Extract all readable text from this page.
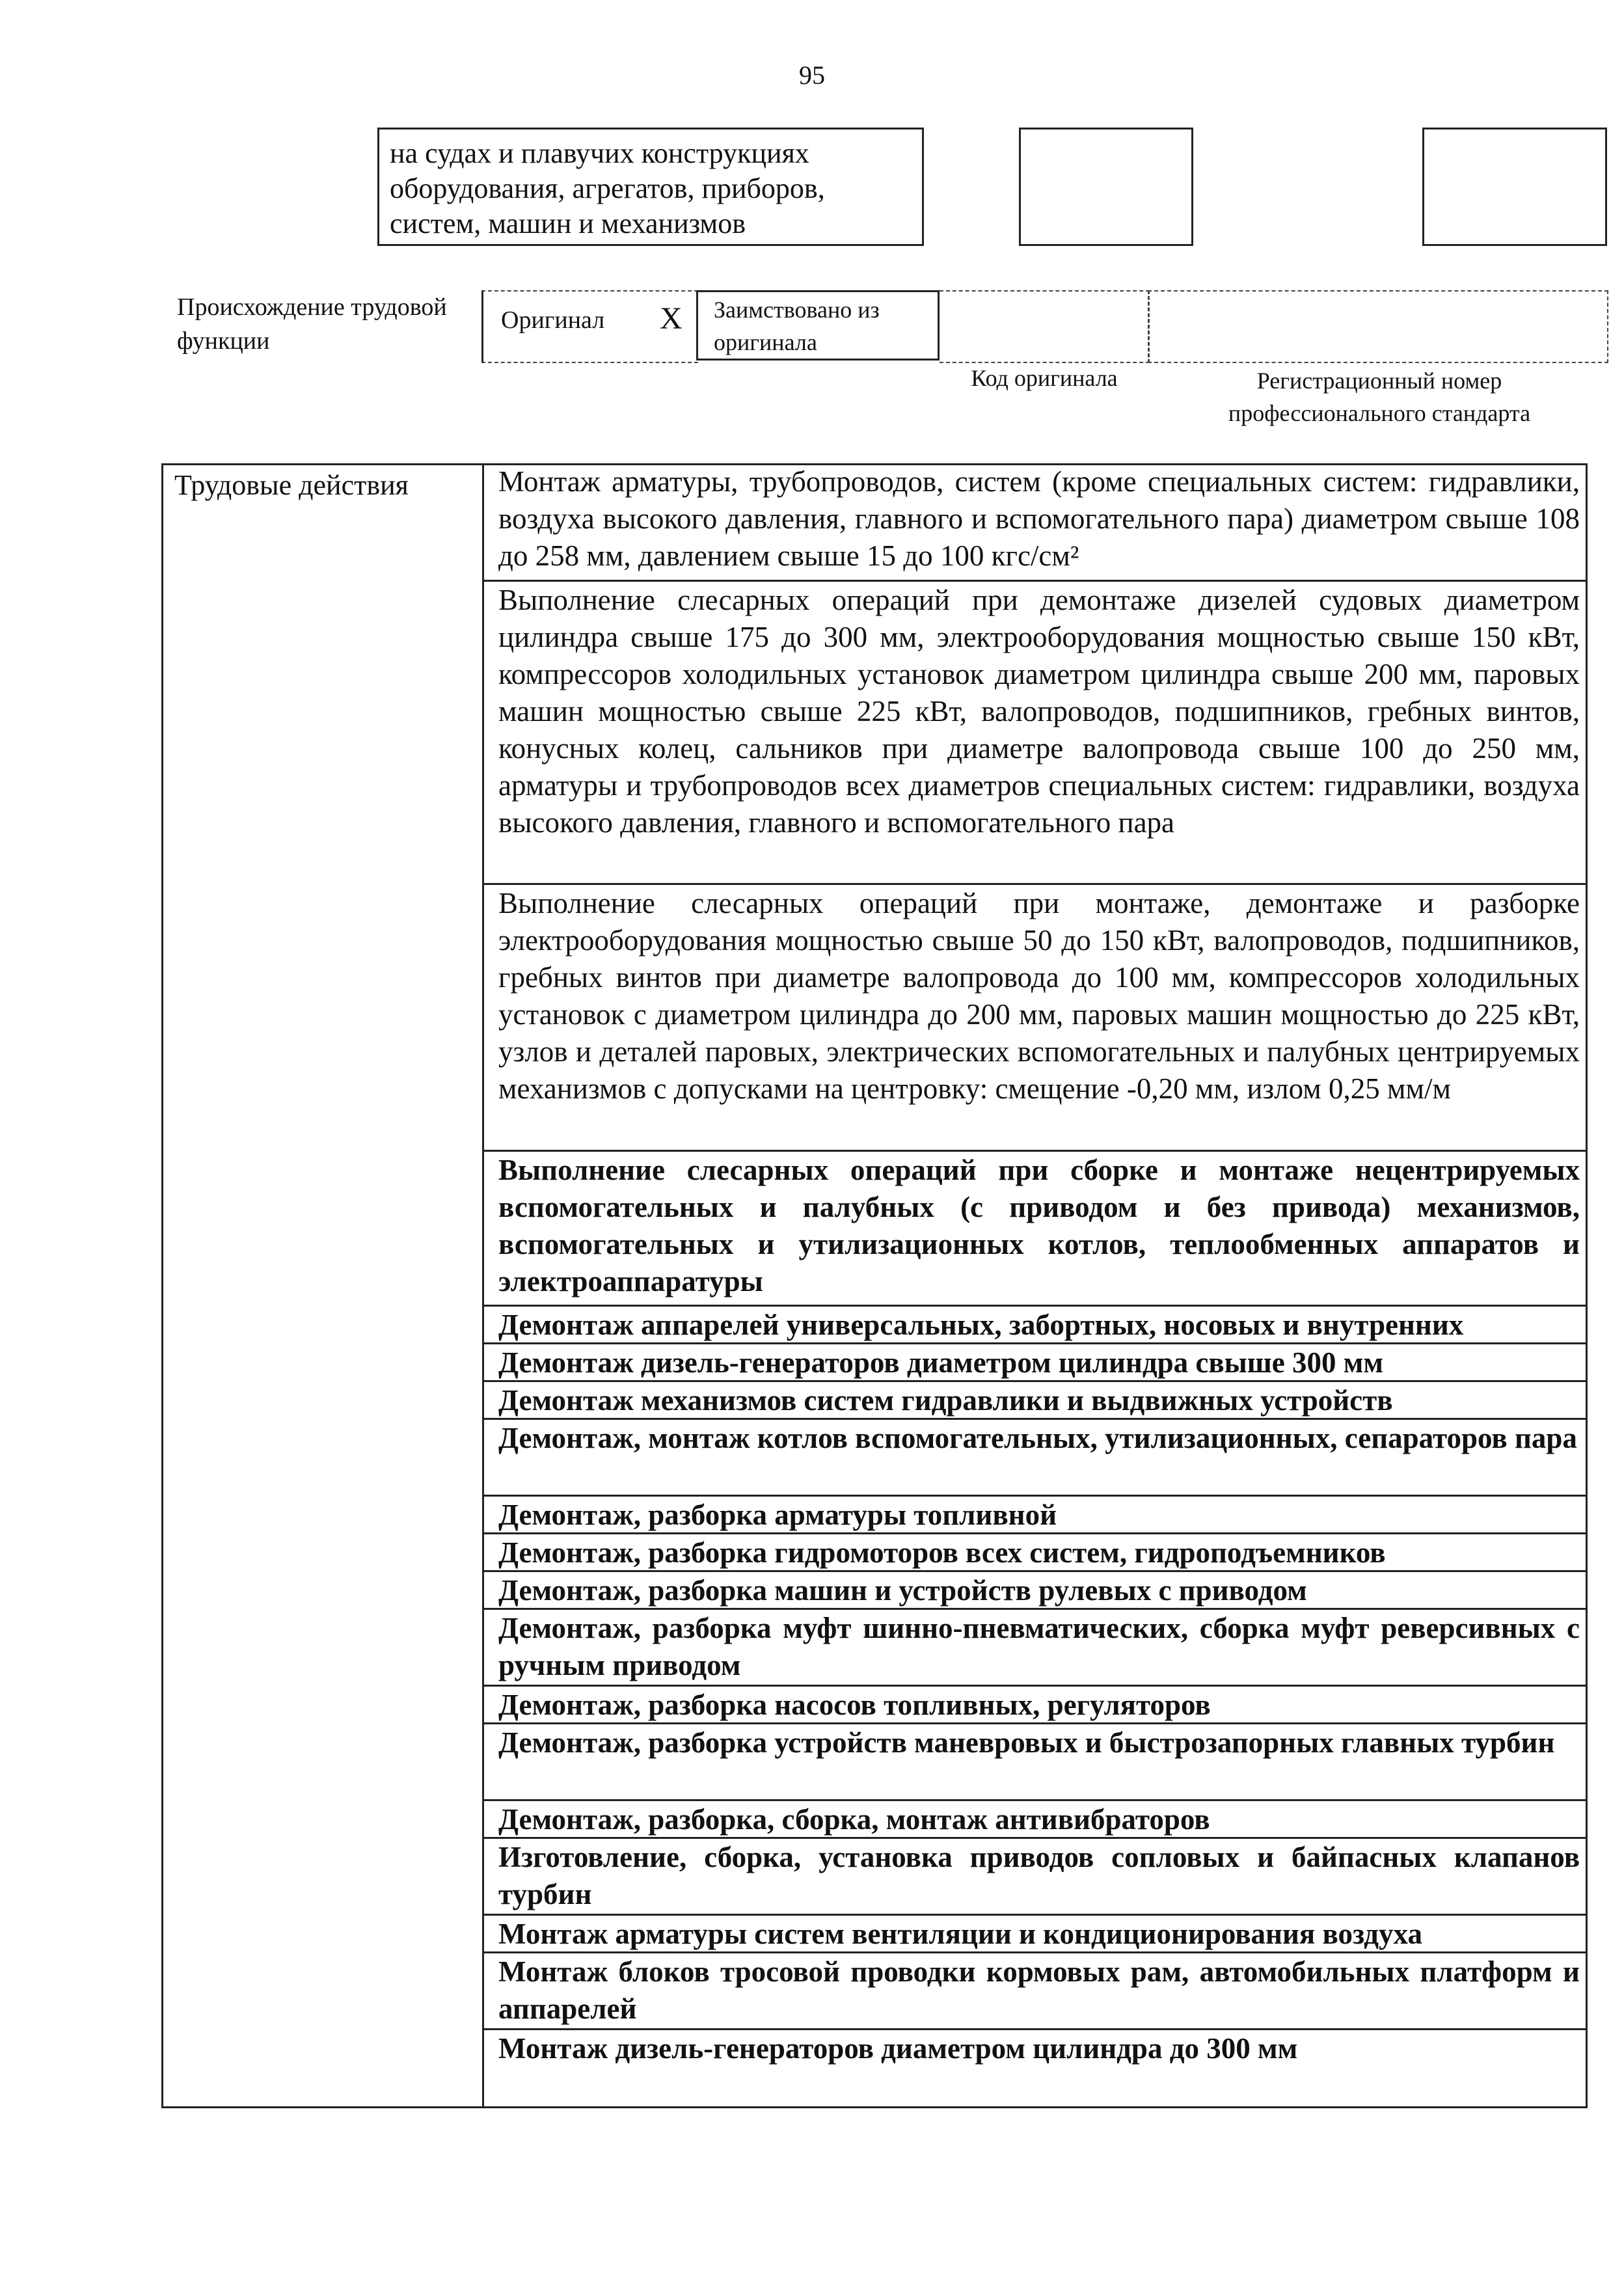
95
на судах и плавучих конструкциях оборудования, агрегатов, приборов, систем, машин и механизмов
Происхождение трудовой функции
Оригинал X	Заимствовано из оригинала
Код оригинала	Регистрационный номер профессионального стандарта
Трудовые действия	Монтаж арматуры, трубопроводов, систем (кроме специальных систем: гидравлики, воздуха высокого давления, главного и вспомогательного пара) диаметром свыше 108 до 258 мм, давлением свыше 15 до 100 кгс/см²
Выполнение слесарных операций при демонтаже дизелей судовых диаметром цилиндра свыше 175 до 300 мм, электрооборудования мощностью свыше 150 кВт, компрессоров холодильных установок диаметром цилиндра свыше 200 мм, паровых машин мощностью свыше 225 кВт, валопроводов, подшипников, гребных винтов, конусных колец, сальников при диаметре валопровода свыше 100 до 250 мм, арматуры и трубопроводов всех диаметров специальных систем: гидравлики, воздуха высокого давления, главного и вспомогательного пара
Выполнение слесарных операций при монтаже, демонтаже и разборке электрооборудования мощностью свыше 50 до 150 кВт, валопроводов, подшипников, гребных винтов при диаметре валопровода до 100 мм, компрессоров холодильных установок с диаметром цилиндра до 200 мм, паровых машин мощностью до 225 кВт, узлов и деталей паровых, электрических вспомогательных и палубных центрируемых механизмов с допусками на центровку: смещение -0,20 мм, излом 0,25 мм/м
Выполнение слесарных операций при сборке и монтаже нецентрируемых вспомогательных и палубных (с приводом и без привода) механизмов, вспомогательных и утилизационных котлов, теплообменных аппаратов и электроаппаратуры
Демонтаж аппарелей универсальных, забортных, носовых и внутренних
Демонтаж дизель-генераторов диаметром цилиндра свыше 300 мм
Демонтаж механизмов систем гидравлики и выдвижных устройств
Демонтаж, монтаж котлов вспомогательных, утилизационных, сепараторов пара
Демонтаж, разборка арматуры топливной
Демонтаж, разборка гидромоторов всех систем, гидроподъемников
Демонтаж, разборка машин и устройств рулевых с приводом
Демонтаж, разборка муфт шинно-пневматических, сборка муфт реверсивных с ручным приводом
Демонтаж, разборка насосов топливных, регуляторов
Демонтаж, разборка устройств маневровых и быстрозапорных главных турбин
Демонтаж, разборка, сборка, монтаж антивибраторов
Изготовление, сборка, установка приводов сопловых и байпасных клапанов турбин
Монтаж арматуры систем вентиляции и кондиционирования воздуха
Монтаж блоков тросовой проводки кормовых рам, автомобильных платформ и аппарелей
Монтаж дизель-генераторов диаметром цилиндра до 300 мм
